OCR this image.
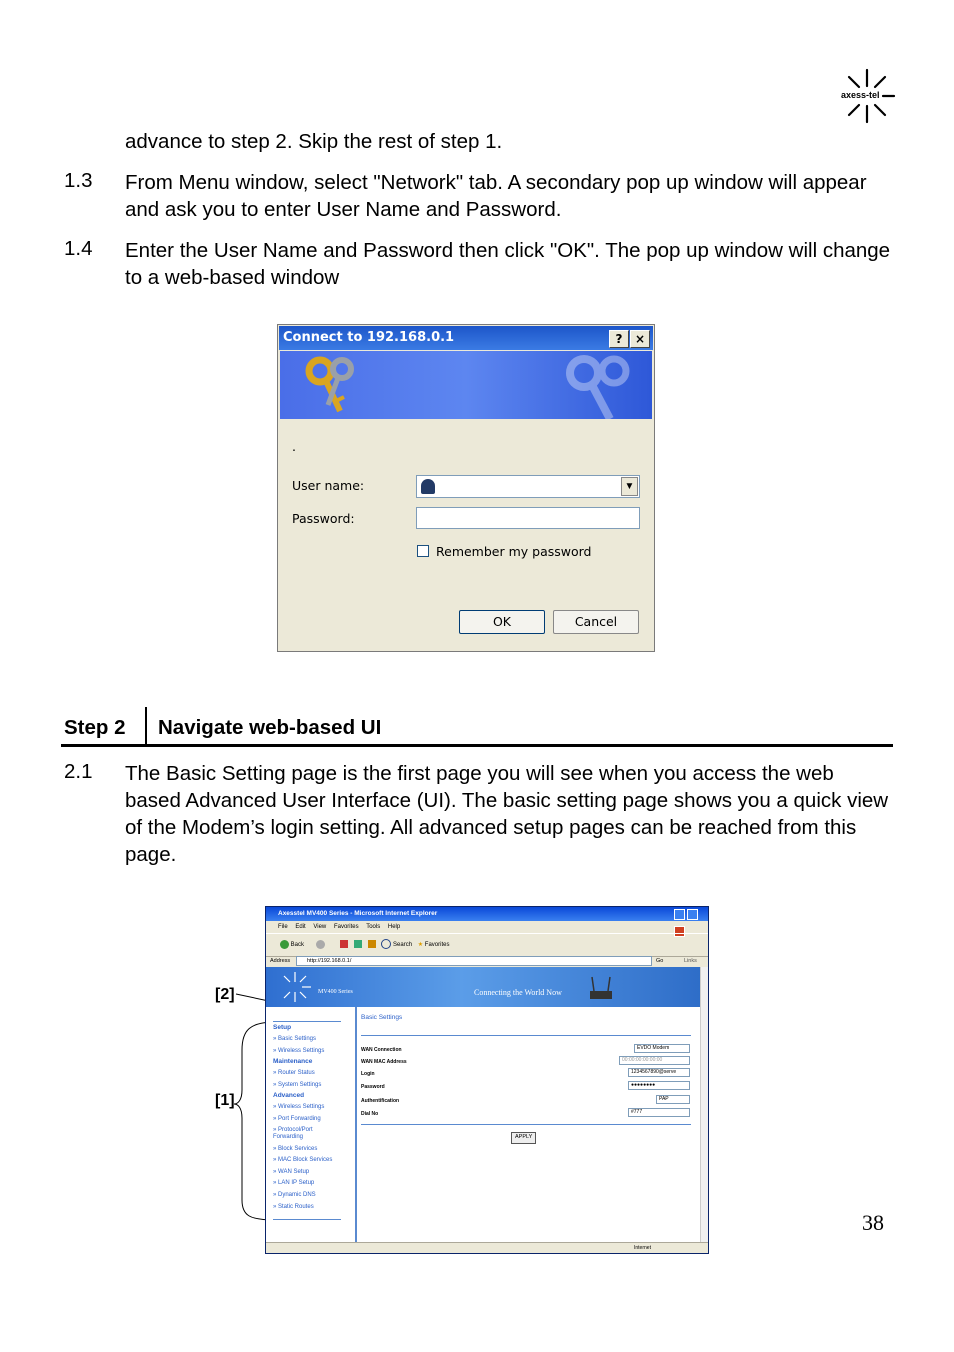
axess-tel
advance to step 2. Skip the rest of step 1.
1.3 From Menu window, select "Network" tab. A secondary pop up window will appear and ask you to enter User Name and Password.
1.4 Enter the User Name and Password then click "OK". The pop up window will change to a web-based window
Connect to 192.168.0.1	?	×
.
User name:	▼
Password:
Remember my password
OK	Cancel
Step 2 Navigate web-based UI
2.1 The Basic Setting page is the first page you will see when you access the web based Advanced User Interface (UI). The basic setting page shows you a quick view of the Modem’s login setting. All advanced setup pages can be reached from this page.
[2]
[1]
Axesstel MV400 Series - Microsoft Internet Explorer

File Edit View Favorites Tools Help
Back	Search ★ Favorites
Address	http://192.168.0.1/	Go	Links
MV400 Series	Connecting the World Now
Setup
» Basic Settings
» Wireless Settings
Maintenance
» Router Status
» System Settings
Advanced
» Wireless Settings
» Port Forwarding
» Protocol/Port Forwarding
» Block Services
» MAC Block Services
» WAN Setup
» LAN IP Setup
» Dynamic DNS
» Static Routes
Basic Settings
WAN Connection	EVDO Modem
WAN MAC Address	00:00:00:00:00:00
Login	1234567890@serve
Password	●●●●●●●●
Authentification	PAP
Dial No	#777
APPLY
Internet
38
